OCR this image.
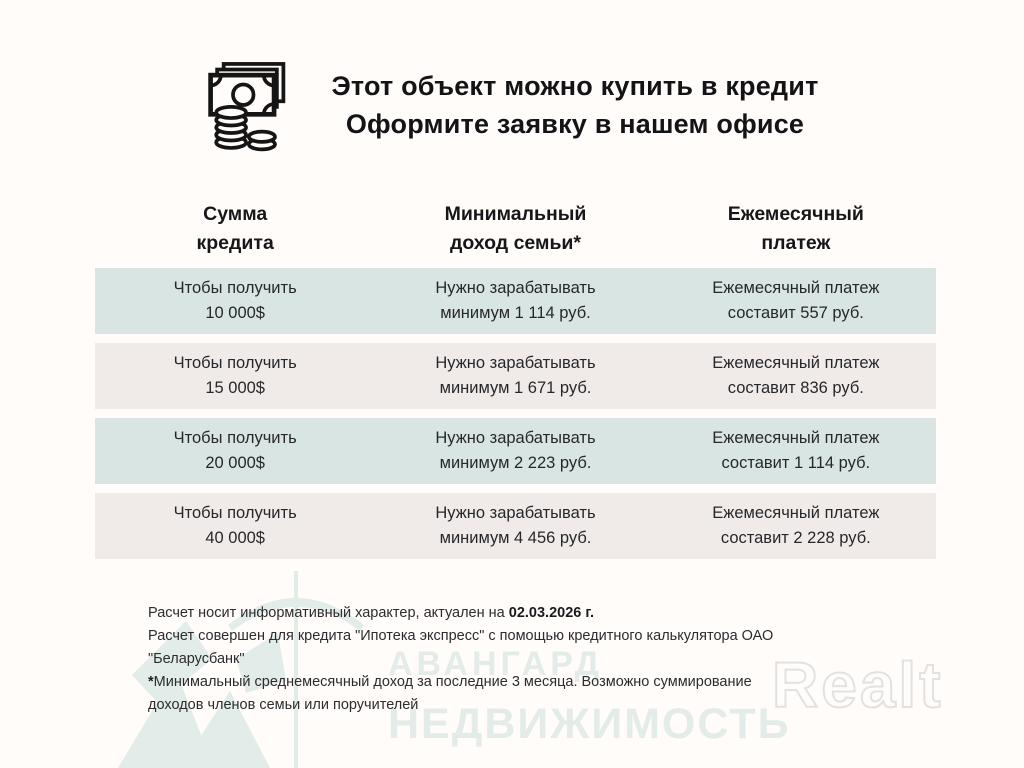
Этот объект можно купить в кредит
Оформите заявку в нашем офисе
Сумма
кредита
Минимальный
доход семьи*
Ежемесячный
платеж
Чтобы получить
10 000$
Нужно зарабатывать
минимум 1 114 руб.
Ежемесячный платеж
составит 557 руб.
Чтобы получить
15 000$
Нужно зарабатывать
минимум 1 671 руб.
Ежемесячный платеж
составит 836 руб.
Чтобы получить
20 000$
Нужно зарабатывать
минимум 2 223 руб.
Ежемесячный платеж
составит 1 114 руб.
Чтобы получить
40 000$
Нужно зарабатывать
минимум 4 456 руб.
Ежемесячный платеж
составит 2 228 руб.
АВАНГАРД
НЕДВИЖИМОСТЬ
Realt
Расчет носит информативный характер, актуален на 02.03.2026 г.
Расчет совершен для кредита "Ипотека экспресс" с помощью кредитного калькулятора ОАО
"Беларусбанк"
*Минимальный среднемесячный доход за последние 3 месяца. Возможно суммирование
доходов членов семьи или поручителей
